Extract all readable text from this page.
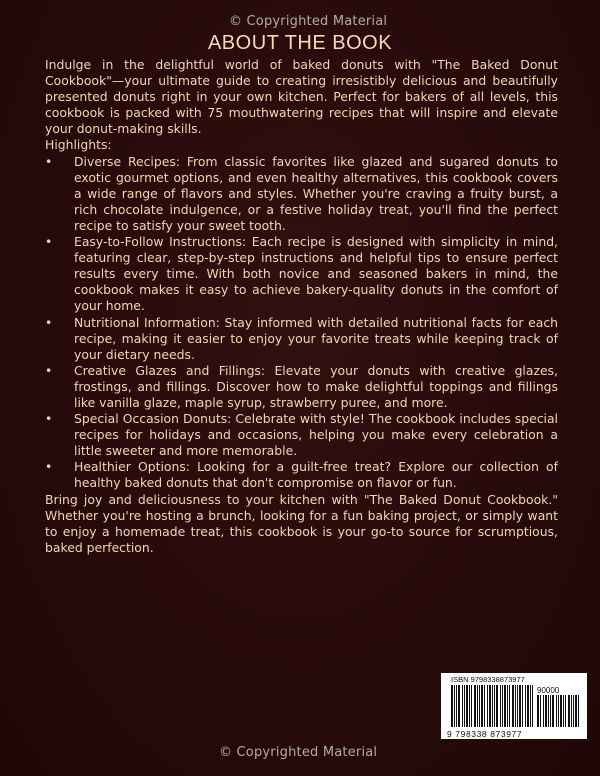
© Copyrighted Material
ABOUT THE BOOK

Indulge in the delightful world of baked donuts with "The Baked Donut Cookbook"—your ultimate guide to creating irresistibly delicious and beautifully presented donuts right in your own kitchen. Perfect for bakers of all levels, this cookbook is packed with 75 mouthwatering recipes that will inspire and elevate your donut-making skills.

Highlights:

•	Diverse Recipes: From classic favorites like glazed and sugared donuts to exotic gourmet options, and even healthy alternatives, this cookbook covers a wide range of flavors and styles. Whether you're craving a fruity burst, a rich chocolate indulgence, or a festive holiday treat, you'll find the perfect recipe to satisfy your sweet tooth.
•	Easy-to-Follow Instructions: Each recipe is designed with simplicity in mind, featuring clear, step-by-step instructions and helpful tips to ensure perfect results every time. With both novice and seasoned bakers in mind, the cookbook makes it easy to achieve bakery-quality donuts in the comfort of your home.
•	Nutritional Information: Stay informed with detailed nutritional facts for each recipe, making it easier to enjoy your favorite treats while keeping track of your dietary needs.
•	Creative Glazes and Fillings: Elevate your donuts with creative glazes, frostings, and fillings. Discover how to make delightful toppings and fillings like vanilla glaze, maple syrup, strawberry puree, and more.
•	Special Occasion Donuts: Celebrate with style! The cookbook includes special recipes for holidays and occasions, helping you make every celebration a little sweeter and more memorable.
•	Healthier Options: Looking for a guilt-free treat? Explore our collection of healthy baked donuts that don't compromise on flavor or fun.

Bring joy and deliciousness to your kitchen with "The Baked Donut Cookbook." Whether you're hosting a brunch, looking for a fun baking project, or simply want to enjoy a homemade treat, this cookbook is your go-to source for scrumptious, baked perfection.

ISBN 9798338873977
90000
9 798338 873977
© Copyrighted Material
